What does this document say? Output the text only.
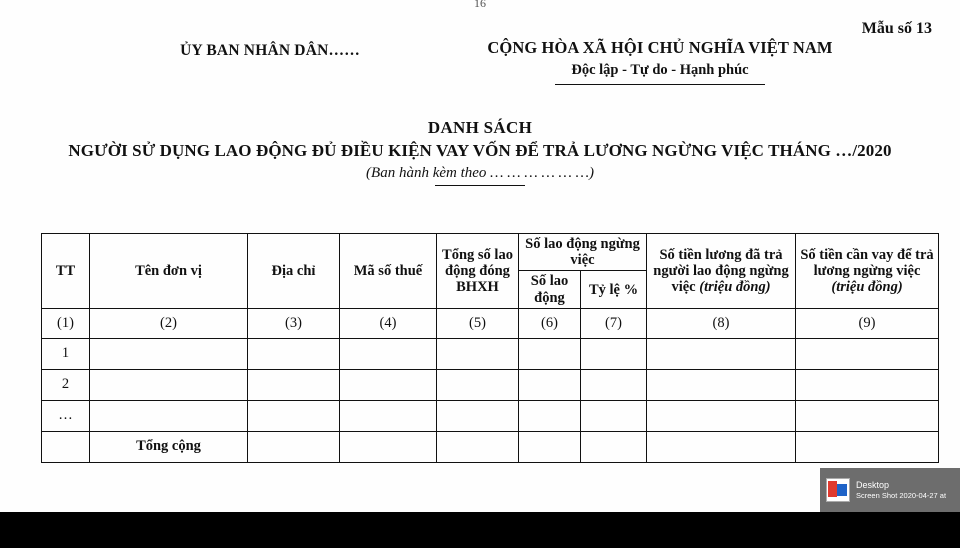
16
Mẫu số 13
ỦY BAN NHÂN DÂN……	CỘNG HÒA XÃ HỘI CHỦ NGHĨA VIỆT NAM
Độc lập - Tự do - Hạnh phúc
DANH SÁCH
NGƯỜI SỬ DỤNG LAO ĐỘNG ĐỦ ĐIỀU KIỆN VAY VỐN ĐỂ TRẢ LƯƠNG NGỪNG VIỆC THÁNG …/2020
(Ban hành kèm theo … … … … … …)
TT	Tên đơn vị	Địa chỉ	Mã số thuế	Tổng số lao động đóng BHXH	Số lao động ngừng việc		Số tiền lương đã trả người lao động ngừng việc (triệu đồng)	Số tiền cần vay để trả lương ngừng việc (triệu đồng)
					Số lao động	Tỷ lệ %		
(1)	(2)	(3)	(4)	(5)	(6)	(7)	(8)	(9)
1								
2								
…								
	Tổng cộng							
Desktop
Screen Shot 2020-04-27 at
